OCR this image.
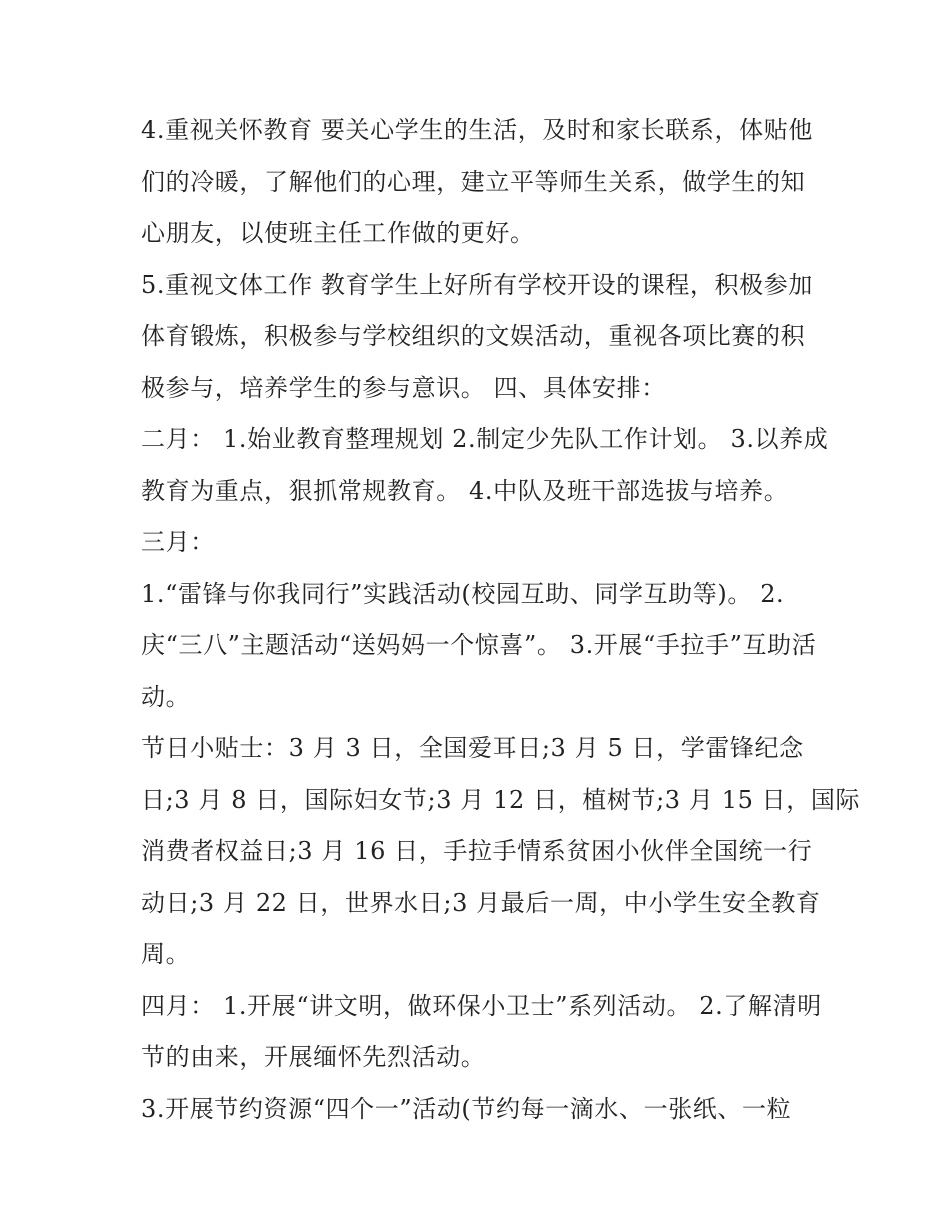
4.重视关怀教育 要关心学生的生活，及时和家长联系，体贴他
们的冷暖，了解他们的心理，建立平等师生关系，做学生的知
心朋友，以使班主任工作做的更好。
5.重视文体工作 教育学生上好所有学校开设的课程，积极参加
体育锻炼，积极参与学校组织的文娱活动，重视各项比赛的积
极参与，培养学生的参与意识。 四、具体安排：
二月： 1.始业教育整理规划 2.制定少先队工作计划。 3.以养成
教育为重点，狠抓常规教育。 4.中队及班干部选拔与培养。
三月：
1.“雷锋与你我同行”实践活动(校园互助、同学互助等)。 2.
庆“三八”主题活动“送妈妈一个惊喜”。 3.开展“手拉手”互助活
动。
节日小贴士：3 月 3 日，全国爱耳日;3 月 5 日，学雷锋纪念
日;3 月 8 日，国际妇女节;3 月 12 日，植树节;3 月 15 日，国际
消费者权益日;3 月 16 日，手拉手情系贫困小伙伴全国统一行
动日;3 月 22 日，世界水日;3 月最后一周，中小学生安全教育
周。
四月： 1.开展“讲文明，做环保小卫士”系列活动。 2.了解清明
节的由来，开展缅怀先烈活动。
3.开展节约资源“四个一”活动(节约每一滴水、一张纸、一粒
